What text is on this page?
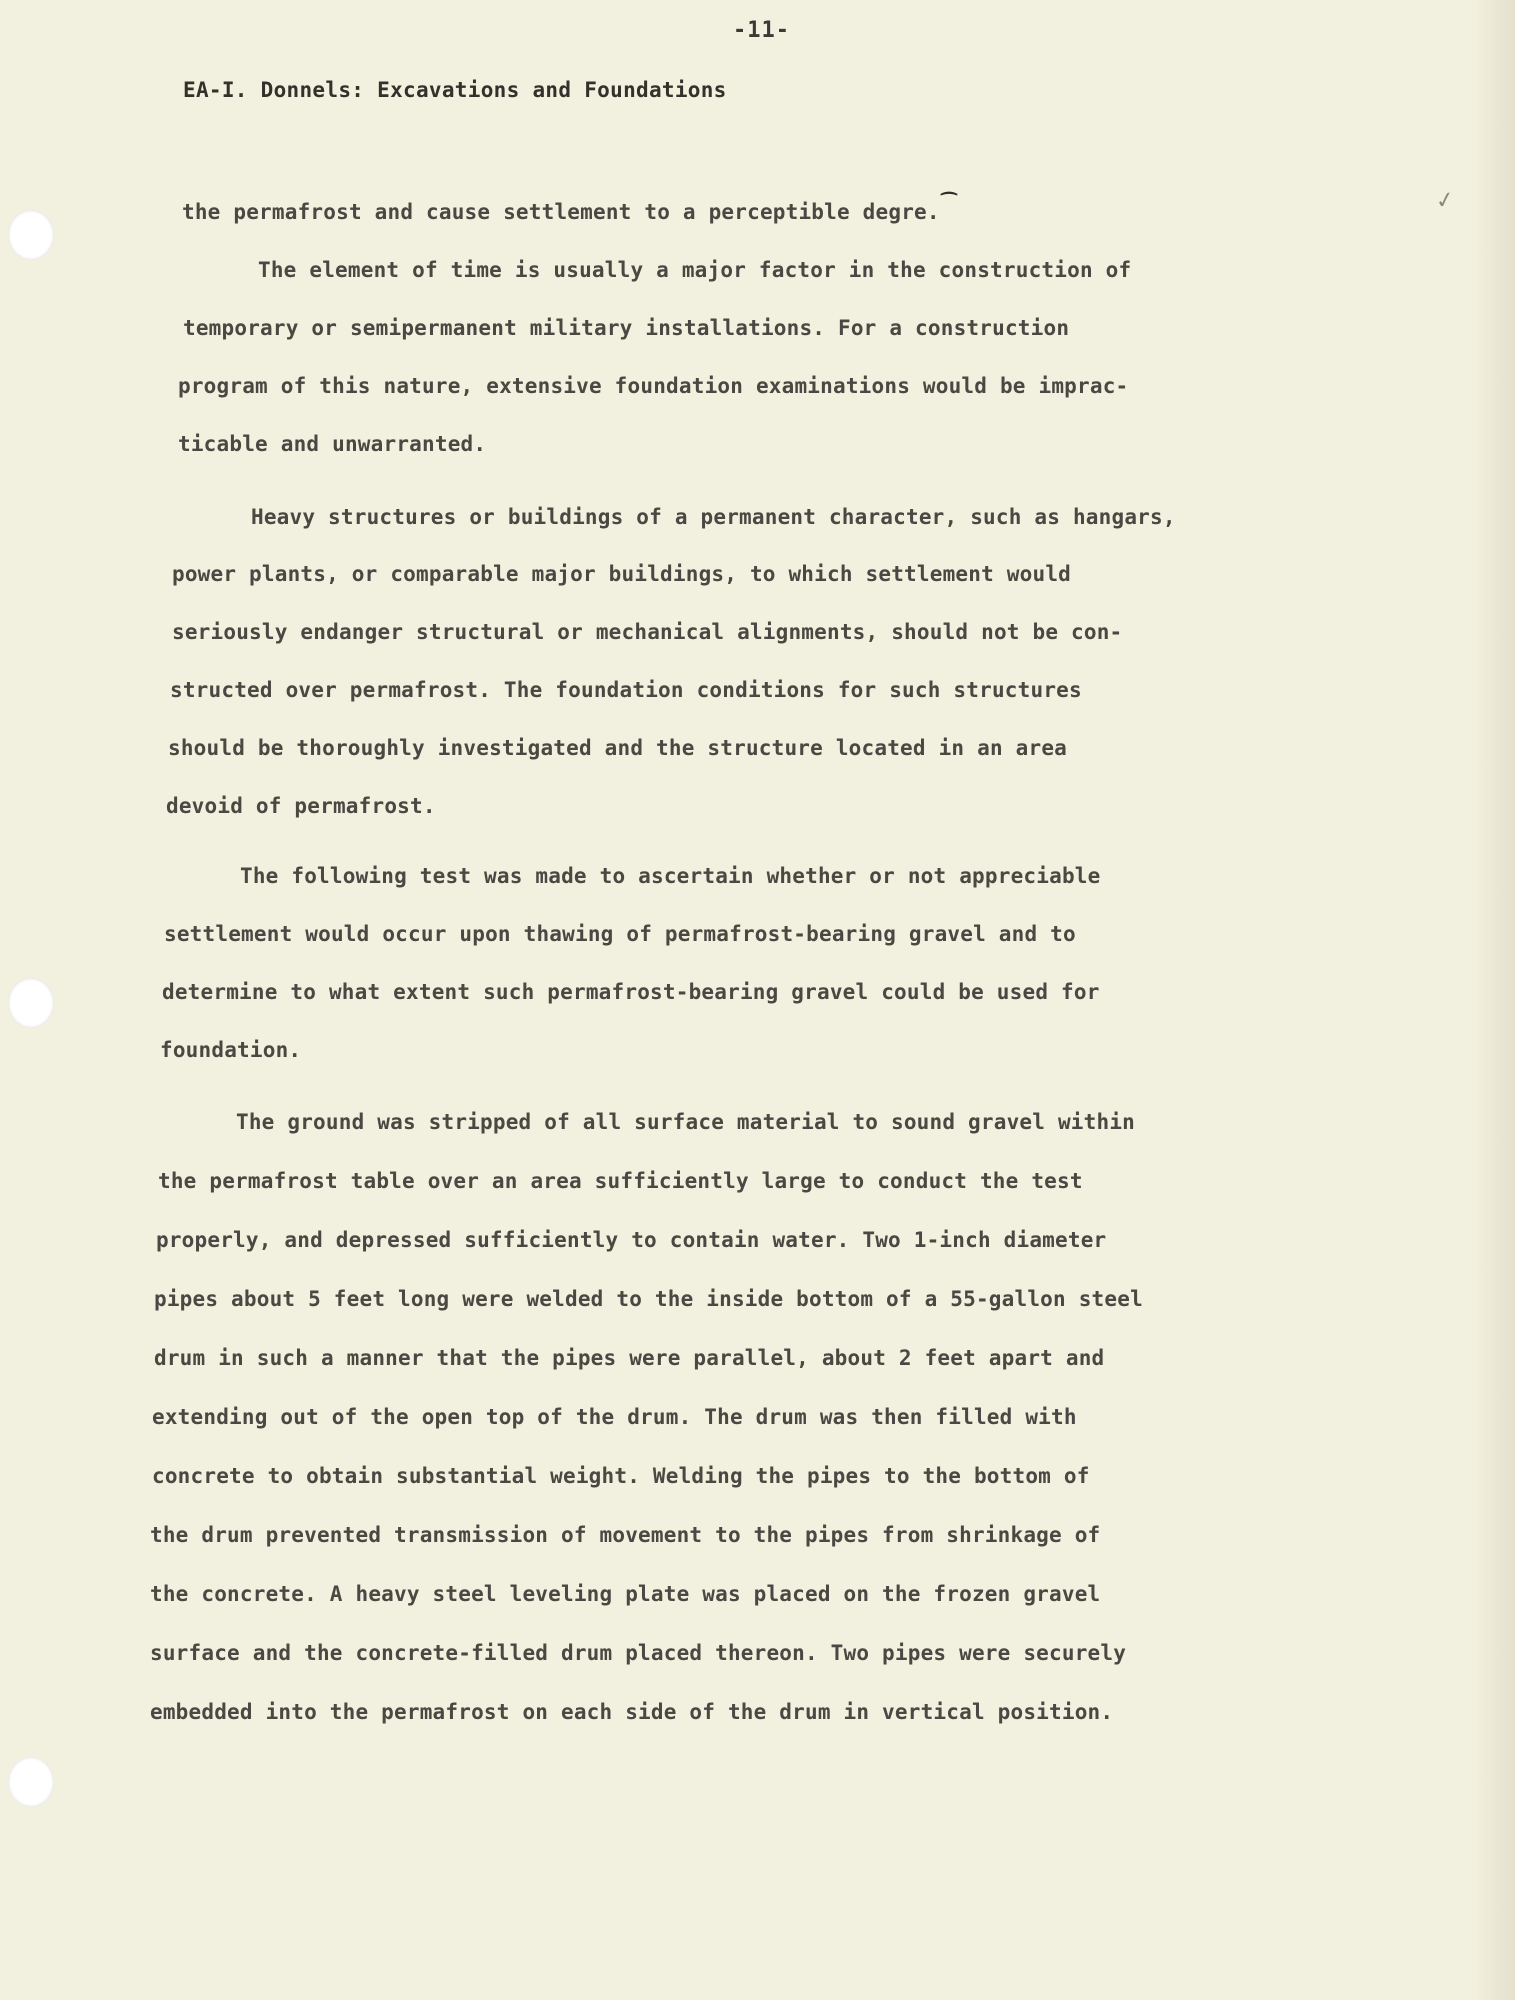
-11-
EA-I. Donnels: Excavations and Foundations
✓
the permafrost and cause settlement to a perceptible degre. ⁀
The element of time is usually a major factor in the construction of
temporary or semipermanent military installations. For a construction
program of this nature, extensive foundation examinations would be imprac-
ticable and unwarranted.
Heavy structures or buildings of a permanent character, such as hangars,
power plants, or comparable major buildings, to which settlement would
seriously endanger structural or mechanical alignments, should not be con-
structed over permafrost. The foundation conditions for such structures
should be thoroughly investigated and the structure located in an area
devoid of permafrost.
The following test was made to ascertain whether or not appreciable
settlement would occur upon thawing of permafrost-bearing gravel and to
determine to what extent such permafrost-bearing gravel could be used for
foundation.
The ground was stripped of all surface material to sound gravel within
the permafrost table over an area sufficiently large to conduct the test
properly, and depressed sufficiently to contain water. Two 1-inch diameter
pipes about 5 feet long were welded to the inside bottom of a 55-gallon steel
drum in such a manner that the pipes were parallel, about 2 feet apart and
extending out of the open top of the drum. The drum was then filled with
concrete to obtain substantial weight. Welding the pipes to the bottom of
the drum prevented transmission of movement to the pipes from shrinkage of
the concrete. A heavy steel leveling plate was placed on the frozen gravel
surface and the concrete-filled drum placed thereon. Two pipes were securely
embedded into the permafrost on each side of the drum in vertical position.
